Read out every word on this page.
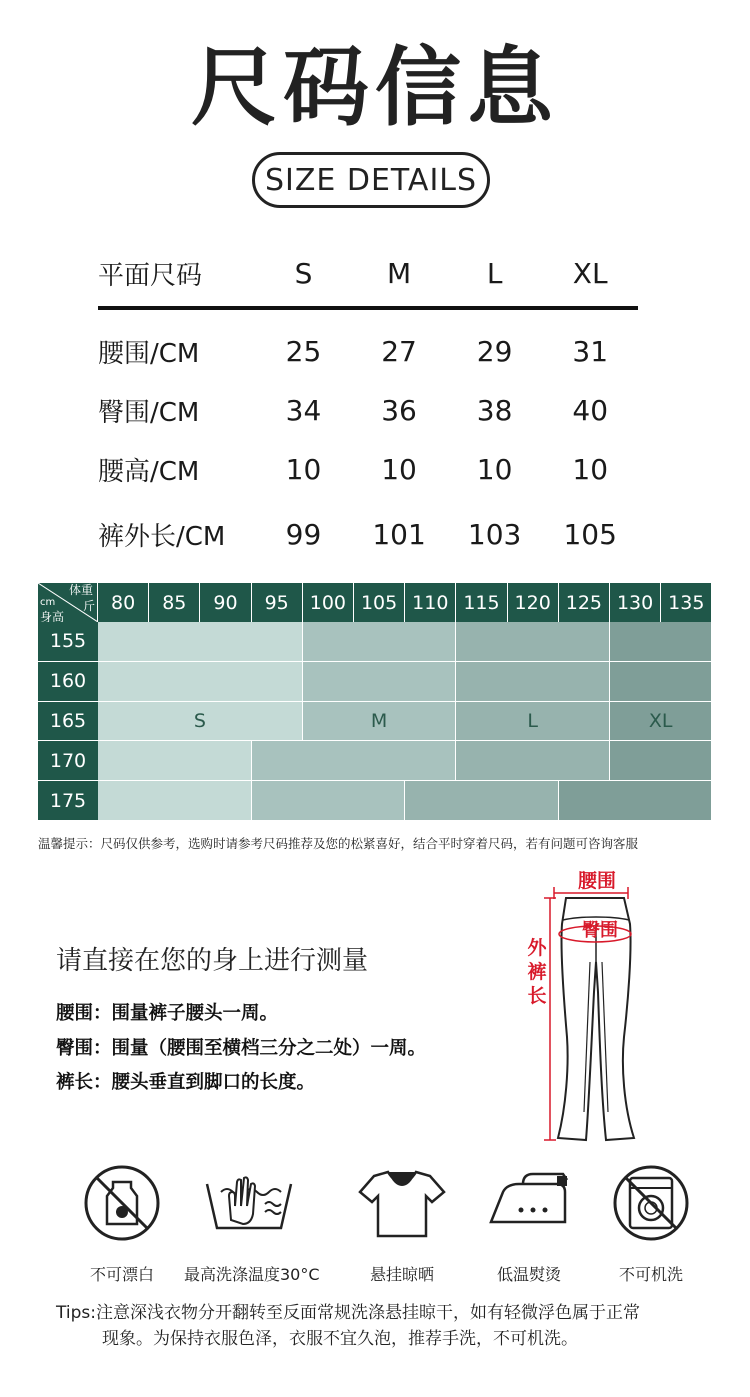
尺码信息
SIZE DETAILS
平面尺码	S	M	L	XL
腰围/CM	25	27	29	31
臀围/CM	34	36	38	40
腰高/CM	10	10	10	10
裤外长/CM	99	101	103	105
体重
斤
cm
身高
80	85	90	95	100 105 110 115 120 125 130 135
155
160
165	S	M	L	XL
170
175
温馨提示：尺码仅供参考，选购时请参考尺码推荐及您的松紧喜好，结合平时穿着尺码，若有问题可咨询客服
请直接在您的身上进行测量
腰围：围量裤子腰头一周。
臀围：围量（腰围至横档三分之二处）一周。
裤长：腰头垂直到脚口的长度。
腰围
臀围
外裤长
不可漂白	最高洗涤温度30°C	悬挂晾晒	低温熨烫	不可机洗
Tips:注意深浅衣物分开翻转至反面常规洗涤悬挂晾干，如有轻微浮色属于正常
现象。为保持衣服色泽，衣服不宜久泡，推荐手洗，不可机洗。
